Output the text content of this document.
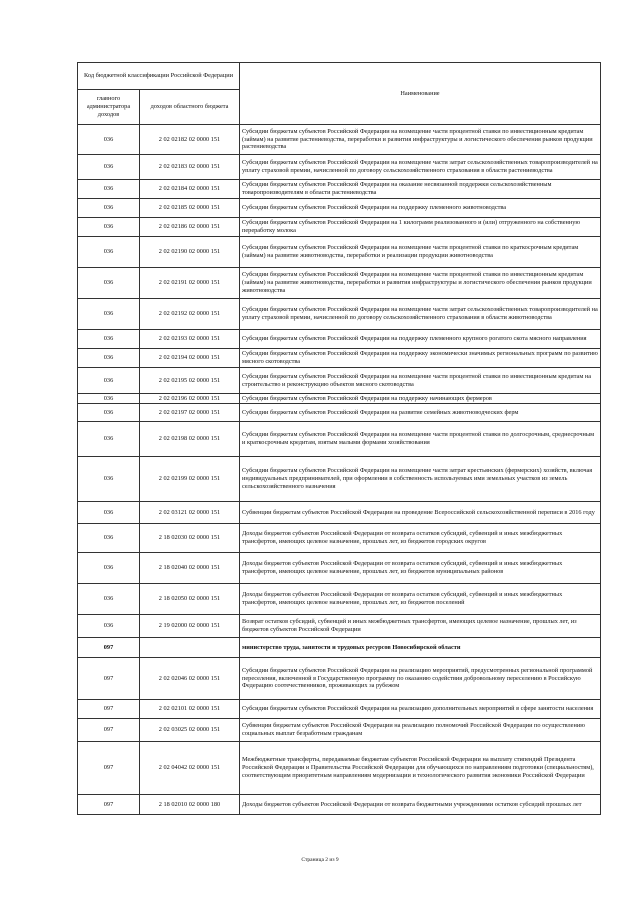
Код бюджетной классификации Российской Федерации		Наименование
главного администратора доходов	доходов областного бюджета	
036	2 02 02182 02 0000 151	Субсидии бюджетам субъектов Российской Федерации на возмещение части процентной ставки по инвестиционным кредитам (займам) на развитие растениеводства, переработки и развития инфраструктуры и логистического обеспечения рынков продукции растениеводства
036	2 02 02183 02 0000 151	Субсидии бюджетам субъектов Российской Федерации на возмещение части затрат сельскохозяйственных товаропроизводителей на уплату страховой премии, начисленной по договору сельскохозяйственного страхования в области растениеводства
036	2 02 02184 02 0000 151	Субсидии бюджетам субъектов Российской Федерации на оказание несвязанной поддержки сельскохозяйственным товаропроизводителям в области растениеводства
036	2 02 02185 02 0000 151	Субсидии бюджетам субъектов Российской Федерации на поддержку племенного животноводства
036	2 02 02186 02 0000 151	Субсидии бюджетам субъектов Российской Федерации на 1 килограмм реализованного и (или) отгруженного на собственную переработку молока
036	2 02 02190 02 0000 151	Субсидии бюджетам субъектов Российской Федерации на возмещение части процентной ставки по краткосрочным кредитам (займам) на развитие животноводства, переработки и реализации продукции животноводства
036	2 02 02191 02 0000 151	Субсидии бюджетам субъектов Российской Федерации на возмещение части процентной ставки по инвестиционным кредитам (займам) на развитие животноводства, переработки и развития инфраструктуры и логистического обеспечения рынков продукции животноводства
036	2 02 02192 02 0000 151	Субсидии бюджетам субъектов Российской Федерации на возмещение части затрат сельскохозяйственных товаропроизводителей на уплату страховой премии, начисленной по договору сельскохозяйственного страхования в области животноводства
036	2 02 02193 02 0000 151	Субсидии бюджетам субъектов Российской Федерации на поддержку племенного крупного рогатого скота мясного направления
036	2 02 02194 02 0000 151	Субсидии бюджетам субъектов Российской Федерации на поддержку экономически значимых региональных программ по развитию мясного скотоводства
036	2 02 02195 02 0000 151	Субсидии бюджетам субъектов Российской Федерации на возмещение части процентной ставки по инвестиционным кредитам на строительство и реконструкцию объектов мясного скотоводства
036	2 02 02196 02 0000 151	Субсидии бюджетам субъектов Российской Федерации на поддержку начинающих фермеров
036	2 02 02197 02 0000 151	Субсидии бюджетам субъектов Российской Федерации на развитие семейных животноводческих ферм
036	2 02 02198 02 0000 151	Субсидии бюджетам субъектов Российской Федерации на возмещение части процентной ставки по долгосрочным, среднесрочным и краткосрочным кредитам, взятым малыми формами хозяйствования
036	2 02 02199 02 0000 151	Субсидии бюджетам субъектов Российской Федерации на возмещение части затрат крестьянских (фермерских) хозяйств, включая индивидуальных предпринимателей, при оформлении в собственность используемых ими земельных участков из земель сельскохозяйственного назначения
036	2 02 03121 02 0000 151	Субвенции бюджетам субъектов Российской Федерации на проведение Всероссийской сельскохозяйственной переписи в 2016 году
036	2 18 02030 02 0000 151	Доходы бюджетов субъектов Российской Федерации от возврата остатков субсидий, субвенций и иных межбюджетных трансфертов, имеющих целевое назначение, прошлых лет, из бюджетов городских округов
036	2 18 02040 02 0000 151	Доходы бюджетов субъектов Российской Федерации от возврата остатков субсидий, субвенций и иных межбюджетных трансфертов, имеющих целевое назначение, прошлых лет, из бюджетов муниципальных районов
036	2 18 02050 02 0000 151	Доходы бюджетов субъектов Российской Федерации от возврата остатков субсидий, субвенций и иных межбюджетных трансфертов, имеющих целевое назначение, прошлых лет, из бюджетов поселений
036	2 19 02000 02 0000 151	Возврат остатков субсидий, субвенций и иных межбюджетных трансфертов, имеющих целевое назначение, прошлых лет, из бюджетов субъектов Российской Федерации
097		министерство труда, занятости и трудовых ресурсов Новосибирской области
097	2 02 02046 02 0000 151	Субсидии бюджетам субъектов Российской Федерации на реализацию мероприятий, предусмотренных региональной программой переселения, включенной в Государственную программу по оказанию содействия добровольному переселению в Российскую Федерацию соотечественников, проживающих за рубежом
097	2 02 02101 02 0000 151	Субсидии бюджетам субъектов Российской Федерации на реализацию дополнительных мероприятий в сфере занятости населения
097	2 02 03025 02 0000 151	Субвенции бюджетам субъектов Российской Федерации на реализацию полномочий Российской Федерации по осуществлению социальных выплат безработным гражданам
097	2 02 04042 02 0000 151	Межбюджетные трансферты, передаваемые бюджетам субъектов Российской Федерации на выплату стипендий Президента Российской Федерации и Правительства Российской Федерации для обучающихся по направлениям подготовки (специальностям), соответствующим приоритетным направлениям модернизации и технологического развития экономики Российской Федерации
097	2 18 02010 02 0000 180	Доходы бюджетов субъектов Российской Федерации от возврата бюджетными учреждениями остатков субсидий прошлых лет
Страница 2 из 9
